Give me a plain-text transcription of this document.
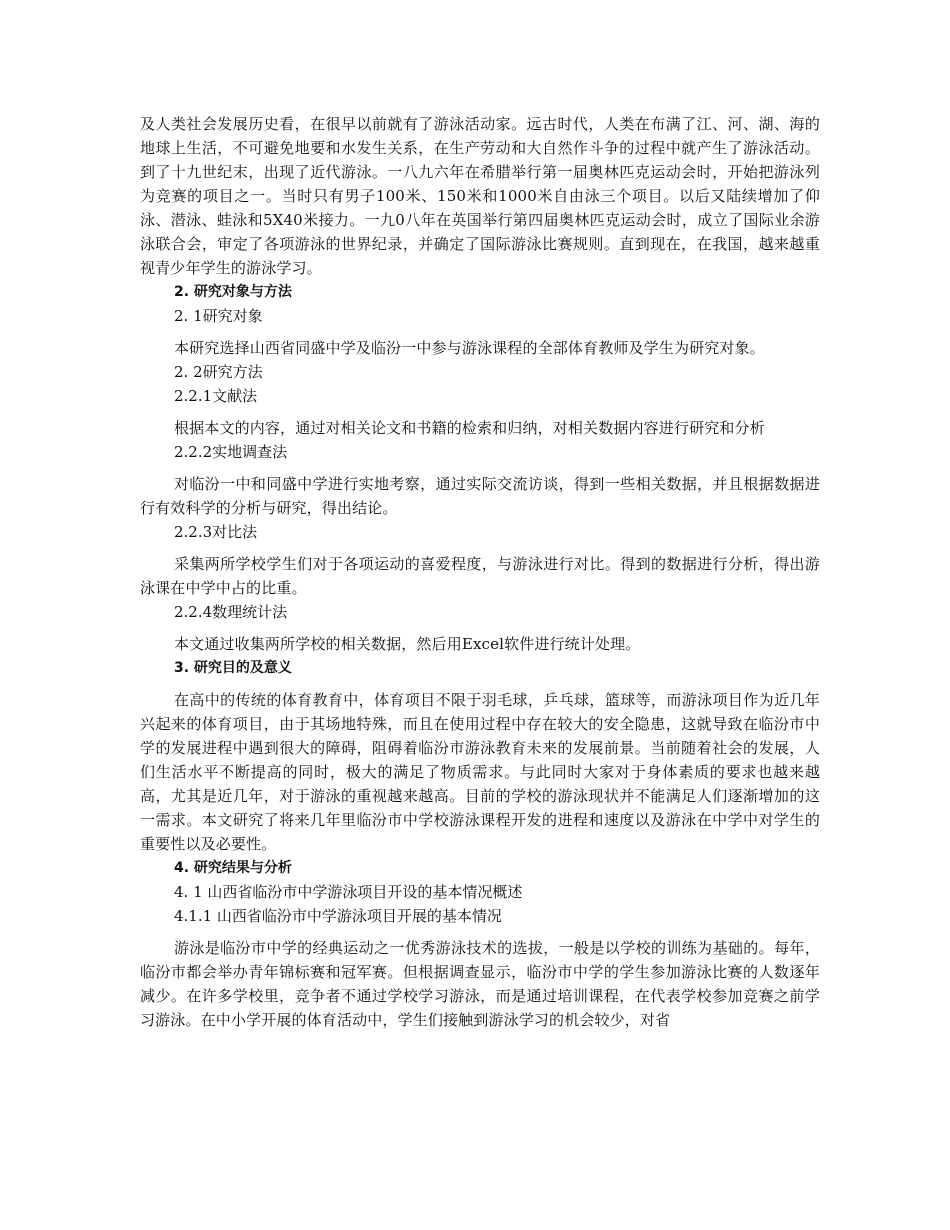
及人类社会发展历史看，在很早以前就有了游泳活动家。远古时代，人类在布满了江、河、湖、海的地球上生活，不可避免地要和水发生关系，在生产劳动和大自然作斗争的过程中就产生了游泳活动。到了十九世纪末，出现了近代游泳。一八九六年在希腊举行第一届奥林匹克运动会时，开始把游泳列为竞赛的项目之一。当时只有男子100米、150米和1000米自由泳三个项目。以后又陆续增加了仰泳、潜泳、蛙泳和5X40米接力。一九0八年在英国举行第四届奥林匹克运动会时，成立了国际业余游泳联合会，审定了各项游泳的世界纪录，并确定了国际游泳比赛规则。直到现在，在我国，越来越重视青少年学生的游泳学习。

2. 研究对象与方法

2. 1研究对象

本研究选择山西省同盛中学及临汾一中参与游泳课程的全部体育教师及学生为研究对象。

2. 2研究方法

2.2.1文献法

根据本文的内容，通过对相关论文和书籍的检索和归纳，对相关数据内容进行研究和分析

2.2.2实地调查法

对临汾一中和同盛中学进行实地考察，通过实际交流访谈，得到一些相关数据，并且根据数据进行有效科学的分析与研究，得出结论。

2.2.3对比法

采集两所学校学生们对于各项运动的喜爱程度，与游泳进行对比。得到的数据进行分析，得出游泳课在中学中占的比重。

2.2.4数理统计法

本文通过收集两所学校的相关数据，然后用Excel软件进行统计处理。

3. 研究目的及意义

在高中的传统的体育教育中，体育项目不限于羽毛球，乒乓球，篮球等，而游泳项目作为近几年兴起来的体育项目，由于其场地特殊，而且在使用过程中存在较大的安全隐患，这就导致在临汾市中学的发展进程中遇到很大的障碍，阻碍着临汾市游泳教育未来的发展前景。当前随着社会的发展，人们生活水平不断提高的同时，极大的满足了物质需求。与此同时大家对于身体素质的要求也越来越高，尤其是近几年，对于游泳的重视越来越高。目前的学校的游泳现状并不能满足人们逐渐增加的这一需求。本文研究了将来几年里临汾市中学校游泳课程开发的进程和速度以及游泳在中学中对学生的重要性以及必要性。

4. 研究结果与分析

4. 1 山西省临汾市中学游泳项目开设的基本情况概述

4.1.1 山西省临汾市中学游泳项目开展的基本情况

游泳是临汾市中学的经典运动之一优秀游泳技术的选拔，一般是以学校的训练为基础的。每年，临汾市都会举办青年锦标赛和冠军赛。但根据调查显示，临汾市中学的学生参加游泳比赛的人数逐年减少。在许多学校里，竞争者不通过学校学习游泳，而是通过培训课程，在代表学校参加竞赛之前学习游泳。在中小学开展的体育活动中，学生们接触到游泳学习的机会较少，对省
